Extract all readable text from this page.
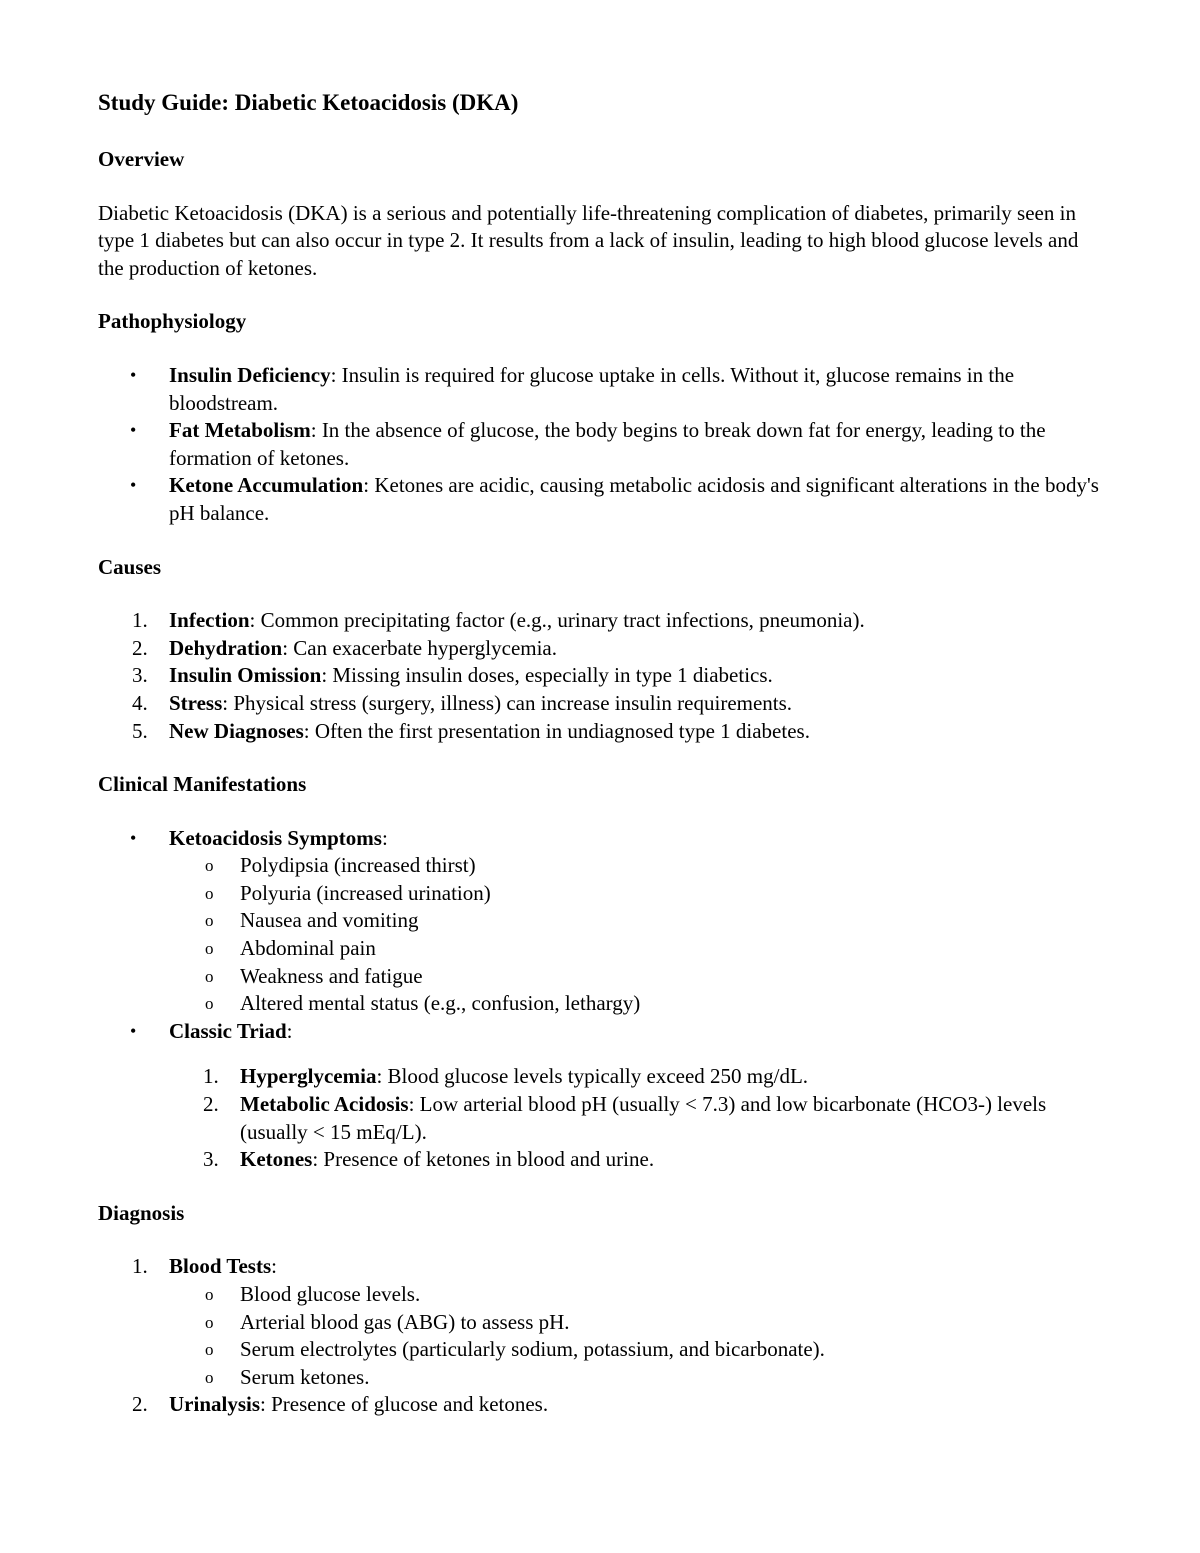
Study Guide: Diabetic Ketoacidosis (DKA)
Overview

Diabetic Ketoacidosis (DKA) is a serious and potentially life-threatening complication of diabetes, primarily seen in type 1 diabetes but can also occur in type 2. It results from a lack of insulin, leading to high blood glucose levels and the production of ketones.

Pathophysiology
• Insulin Deficiency: Insulin is required for glucose uptake in cells. Without it, glucose remains in the bloodstream.
• Fat Metabolism: In the absence of glucose, the body begins to break down fat for energy, leading to the formation of ketones.
• Ketone Accumulation: Ketones are acidic, causing metabolic acidosis and significant alterations in the body's pH balance.
Causes
1. Infection: Common precipitating factor (e.g., urinary tract infections, pneumonia).
2. Dehydration: Can exacerbate hyperglycemia.
3. Insulin Omission: Missing insulin doses, especially in type 1 diabetics.
4. Stress: Physical stress (surgery, illness) can increase insulin requirements.
5. New Diagnoses: Often the first presentation in undiagnosed type 1 diabetes.
Clinical Manifestations
• Ketoacidosis Symptoms:
o Polydipsia (increased thirst)
o Polyuria (increased urination)
o Nausea and vomiting
o Abdominal pain
o Weakness and fatigue
o Altered mental status (e.g., confusion, lethargy)
• Classic Triad:
1. Hyperglycemia: Blood glucose levels typically exceed 250 mg/dL.
2. Metabolic Acidosis: Low arterial blood pH (usually < 7.3) and low bicarbonate (HCO3-) levels (usually < 15 mEq/L).
3. Ketones: Presence of ketones in blood and urine.
Diagnosis
1. Blood Tests:
o Blood glucose levels.
o Arterial blood gas (ABG) to assess pH.
o Serum electrolytes (particularly sodium, potassium, and bicarbonate).
o Serum ketones.
2. Urinalysis: Presence of glucose and ketones.
